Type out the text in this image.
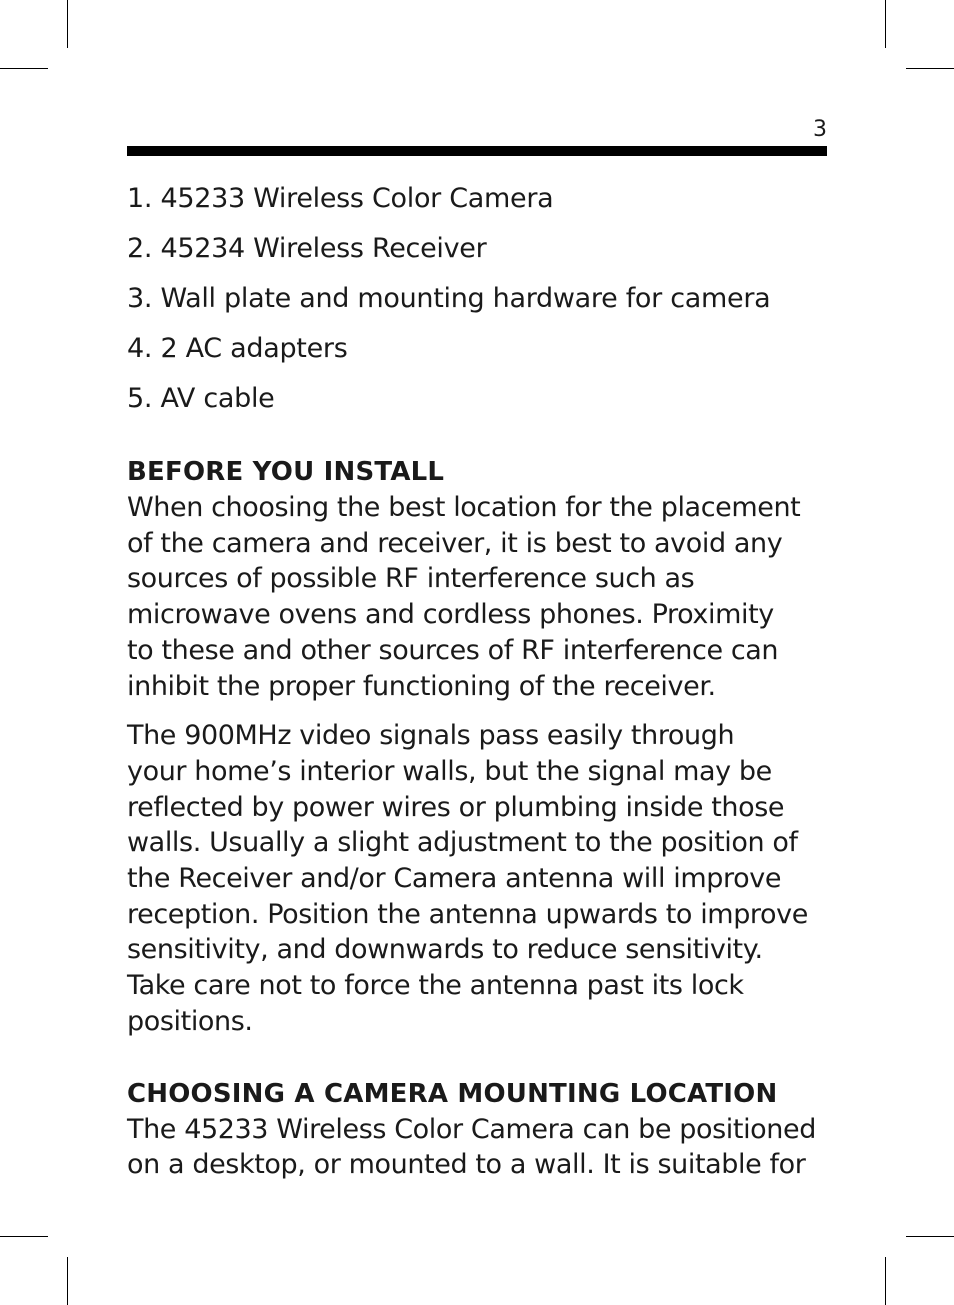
3
1. 45233 Wireless Color Camera
2. 45234 Wireless Receiver
3. Wall plate and mounting hardware for camera
4. 2 AC adapters
5. AV cable
BEFORE YOU INSTALL

When choosing the best location for the placement
of the camera and receiver, it is best to avoid any
sources of possible RF interference such as
microwave ovens and cordless phones. Proximity
to these and other sources of RF interference can
inhibit the proper functioning of the receiver.

The 900MHz video signals pass easily through
your home’s interior walls, but the signal may be
reflected by power wires or plumbing inside those
walls. Usually a slight adjustment to the position of
the Receiver and/or Camera antenna will improve
reception. Position the antenna upwards to improve
sensitivity, and downwards to reduce sensitivity.
Take care not to force the antenna past its lock
positions.

CHOOSING A CAMERA MOUNTING LOCATION

The 45233 Wireless Color Camera can be positioned
on a desktop, or mounted to a wall. It is suitable for
